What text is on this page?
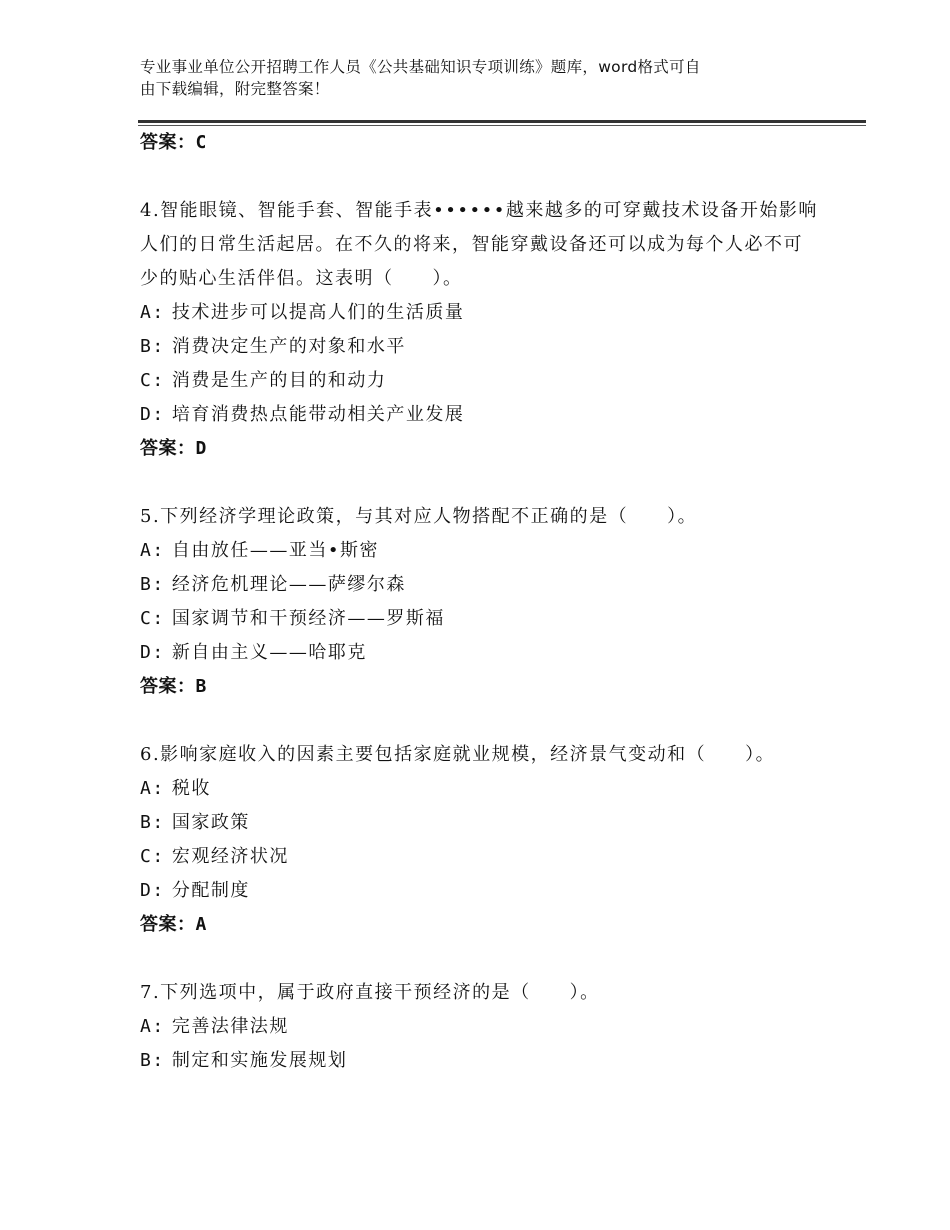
专业事业单位公开招聘工作人员《公共基础知识专项训练》题库，word格式可自
由下载编辑，附完整答案！
答案：C
4.智能眼镜、智能手套、智能手表••••••越来越多的可穿戴技术设备开始影响人们的日常生活起居。在不久的将来，智能穿戴设备还可以成为每个人必不可少的贴心生活伴侣。这表明（　　）。
A: 技术进步可以提高人们的生活质量
B: 消费决定生产的对象和水平
C: 消费是生产的目的和动力
D: 培育消费热点能带动相关产业发展
答案：D
5.下列经济学理论政策，与其对应人物搭配不正确的是（　　）。
A: 自由放任——亚当•斯密
B: 经济危机理论——萨缪尔森
C: 国家调节和干预经济——罗斯福
D: 新自由主义——哈耶克
答案：B
6.影响家庭收入的因素主要包括家庭就业规模，经济景气变动和（　　）。
A: 税收
B: 国家政策
C: 宏观经济状况
D: 分配制度
答案：A
7.下列选项中，属于政府直接干预经济的是（　　）。
A: 完善法律法规
B: 制定和实施发展规划
